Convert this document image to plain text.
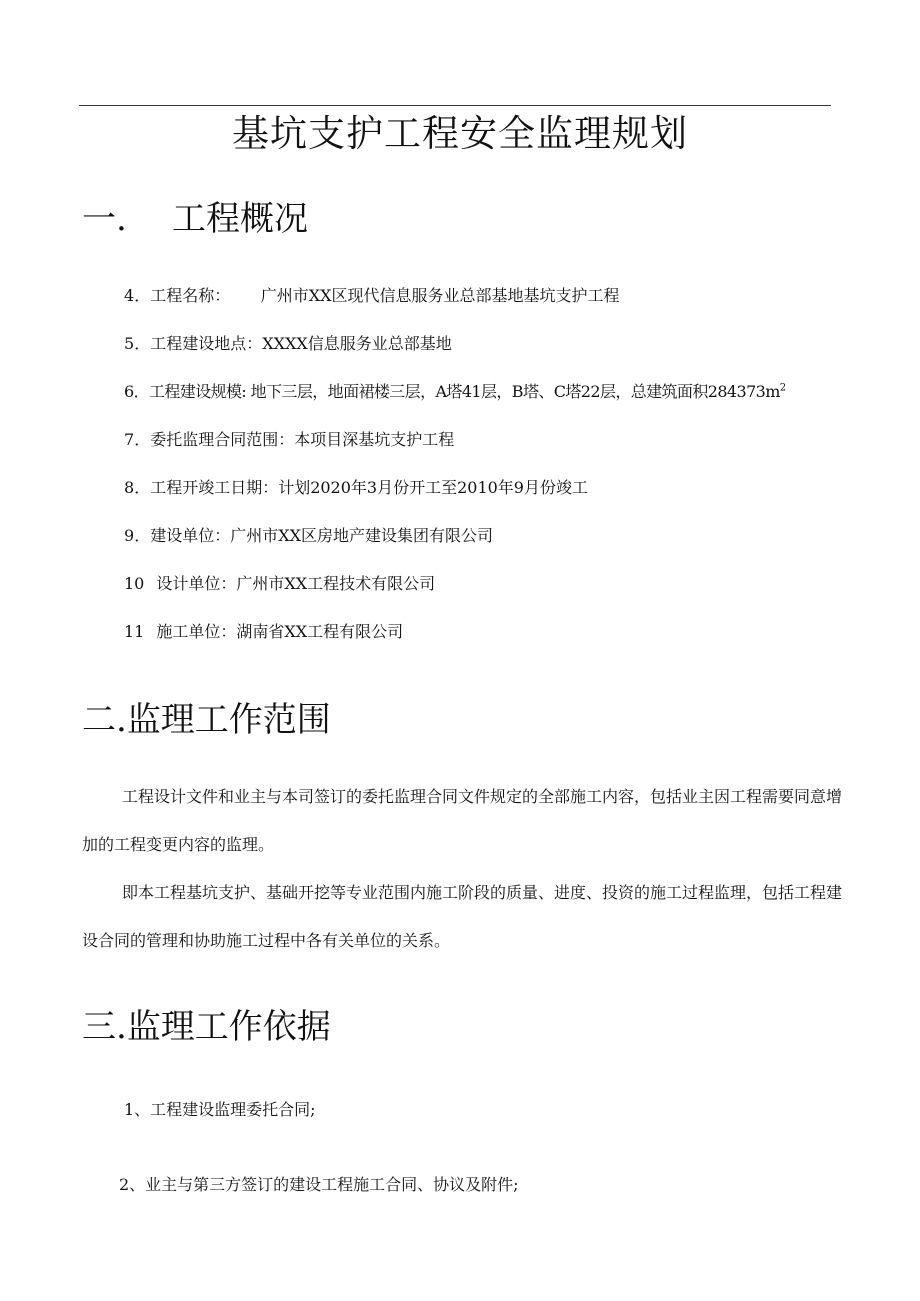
基坑支护工程安全监理规划
一. 工程概况

4．工程名称：      广州市XX区现代信息服务业总部基地基坑支护工程

5．工程建设地点：XXXX信息服务业总部基地

6．工程建设规模: 地下三层，地面裙楼三层，A塔41层，B塔、C塔22层，总建筑面积$284373m^2$

7．委托监理合同范围：本项目深基坑支护工程

8．工程开竣工日期：计划2020年3月份开工至2010年9月份竣工

9．建设单位：广州市XX区房地产建设集团有限公司

10 设计单位：广州市XX工程技术有限公司

11 施工单位：湖南省XX工程有限公司

二.监理工作范围

工程设计文件和业主与本司签订的委托监理合同文件规定的全部施工内容，包括业主因工程需要同意增加的工程变更内容的监理。

即本工程基坑支护、基础开挖等专业范围内施工阶段的质量、进度、投资的施工过程监理，包括工程建设合同的管理和协助施工过程中各有关单位的关系。

三.监理工作依据

1、工程建设监理委托合同;

2、业主与第三方签订的建设工程施工合同、协议及附件;
